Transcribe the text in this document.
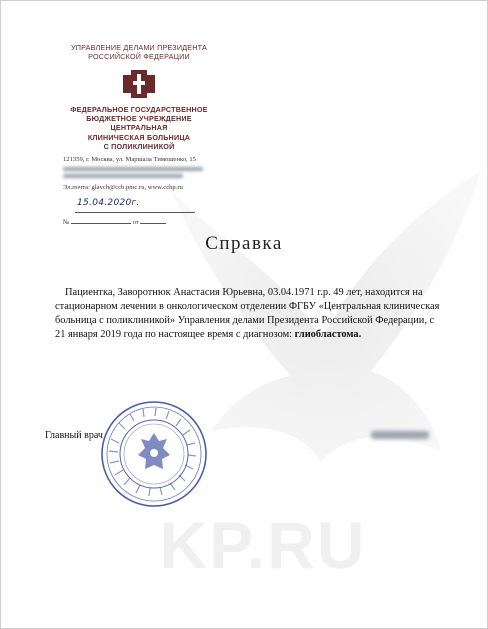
KP.RU
УПРАВЛЕНИЕ ДЕЛАМИ ПРЕЗИДЕНТА
РОССИЙСКОЙ ФЕДЕРАЦИИ
ФЕДЕРАЛЬНОЕ ГОСУДАРСТВЕННОЕ
БЮДЖЕТНОЕ УЧРЕЖДЕНИЕ
ЦЕНТРАЛЬНАЯ
КЛИНИЧЕСКАЯ БОЛЬНИЦА
С ПОЛИКЛИНИКОЙ
121359, г. Москва, ул. Маршала Тимошенко, 15
Эл.почта: glavcb@ccb.pmc.ru, www.cchp.ru
15.04.2020г.
№	от
Справка
Пациентка, Заворотнюк Анастасия Юрьевна, 03.04.1971 г.р. 49 лет, находится на стационарном лечении в онкологическом отделении ФГБУ «Центральная клиническая больница с поликлиникой» Управления делами Президента Российской Федерации, с 21 января 2019 года по настоящее время с диагнозом: глиобластома.
Главный врач
